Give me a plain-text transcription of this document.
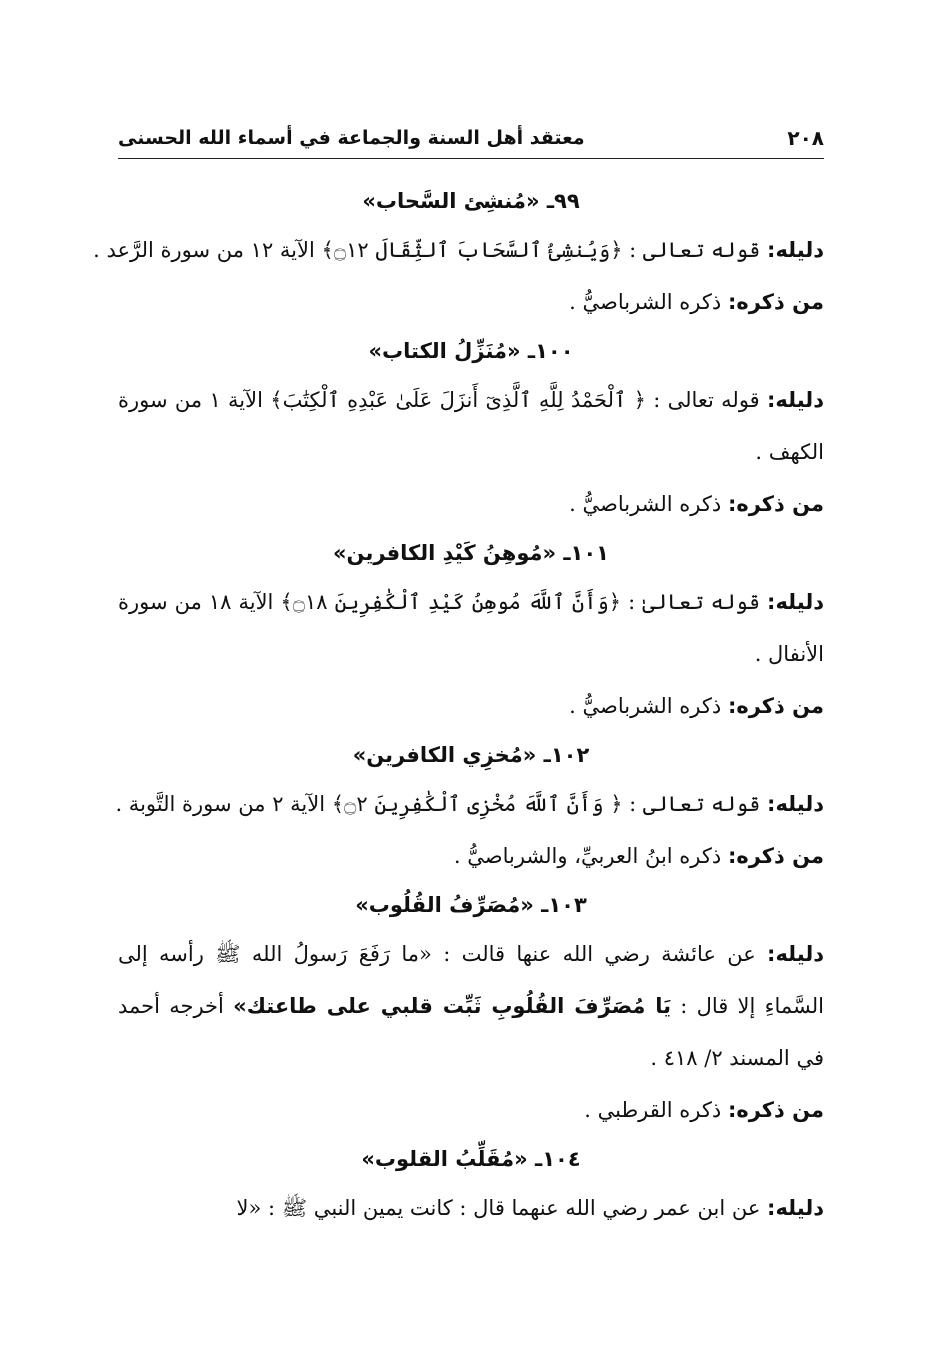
٢٠٨
معتقد أهل السنة والجماعة في أسماء الله الحسنى
٩٩ـ «مُنشِئ السَّحاب»
دليله: قوله تعالى : ﴿وَيُنشِئُ ٱلسَّحَابَ ٱلثِّقَالَ ۝١٢﴾ الآية ١٢ من سورة الرَّعد .
من ذكره: ذكره الشرباصيُّ .
١٠٠ـ «مُنَزِّلُ الكتاب»
دليله: قوله تعالى : ﴿ ٱلْحَمْدُ لِلَّهِ ٱلَّذِىٓ أَنزَلَ عَلَىٰ عَبْدِهِ ٱلْكِتَٰبَ﴾ الآية ١ من سورة الكهف .
من ذكره: ذكره الشرباصيُّ .
١٠١ـ «مُوهِنُ كَيْدِ الكافرين»
دليله: قوله تعالىٰ : ﴿وَأَنَّ ٱللَّهَ مُوهِنُ كَيْدِ ٱلْكَٰفِرِينَ ۝١٨﴾ الآية ١٨ من سورة الأنفال .
من ذكره: ذكره الشرباصيُّ .
١٠٢ـ «مُخزِي الكافرين»
دليله: قوله تعالى : ﴿ وَأَنَّ ٱللَّهَ مُخْزِى ٱلْكَٰفِرِينَ ۝٢﴾ الآية ٢ من سورة التَّوبة .
من ذكره: ذكره ابنُ العربيِّ، والشرباصيُّ .
١٠٣ـ «مُصَرِّفُ القُلُوب»
دليله: عن عائشة رضي الله عنها قالت : «ما رَفَعَ رَسولُ الله ﷺ رأسه إلى السَّماءِ إلا قال : يَا مُصَرِّفَ القُلُوبِ ثَبِّت قلبي على طاعتك» أخرجه أحمد في المسند ٢/ ٤١٨ .
من ذكره: ذكره القرطبي .
١٠٤ـ «مُقَلِّبُ القلوب»
دليله: عن ابن عمر رضي الله عنهما قال : كانت يمين النبي ﷺ : «لا
